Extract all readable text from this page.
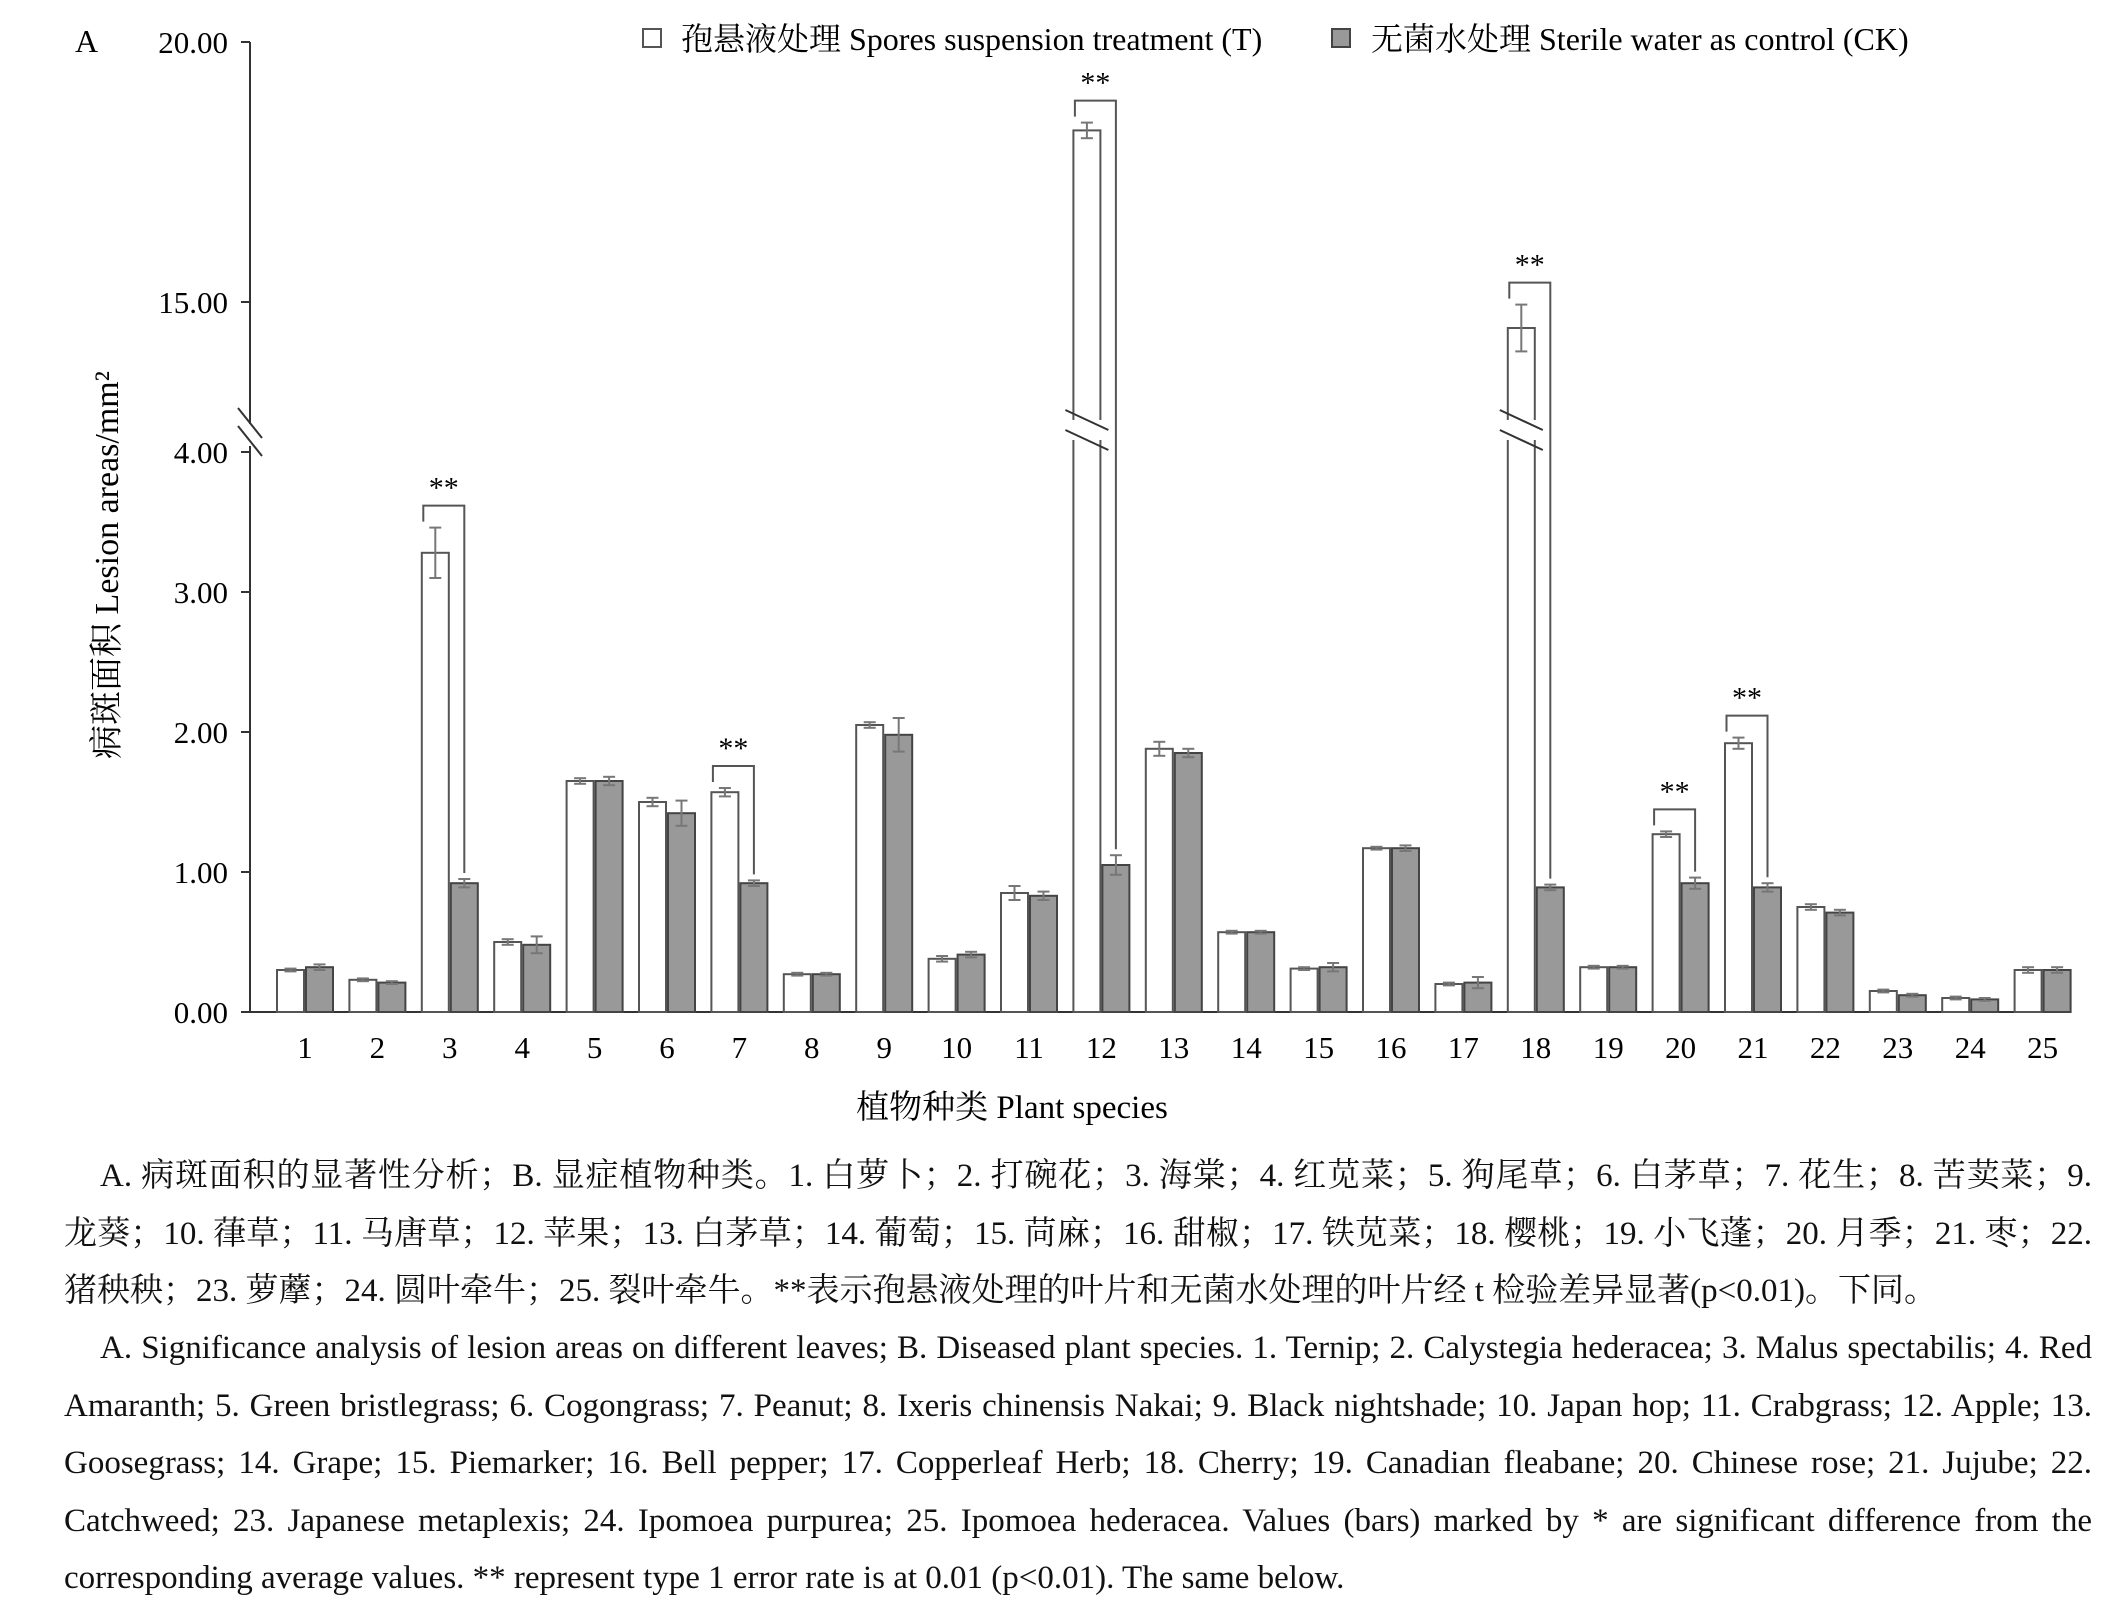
A
病斑面积 Lesion areas/mm²
植物种类 Plant species
孢悬液处理 Spores suspension treatment (T)	无菌水处理 Sterile water as control (CK)
0.00
1.00
2.00
3.00
4.00
15.00
20.00
**
**
**
**
**
**
1 2 3 4 5 6 7 8 9 10 11 12 13 14 15 16 17 18 19 20 21 22 23 24 25

A. 病斑面积的显著性分析；B. 显症植物种类。1. 白萝卜；2. 打碗花；3. 海棠；4. 红苋菜；5. 狗尾草；6. 白茅草；7. 花生；8. 苦荬菜；9. 龙葵；10. 葎草；11. 马唐草；12. 苹果；13. 白茅草；14. 葡萄；15. 苘麻；16. 甜椒；17. 铁苋菜；18. 樱桃；19. 小飞蓬；20. 月季；21. 枣；22. 猪秧秧；23. 萝藦；24. 圆叶牵牛；25. 裂叶牵牛。**表示孢悬液处理的叶片和无菌水处理的叶片经 t 检验差异显著(p<0.01)。下同。

A. Significance analysis of lesion areas on different leaves; B. Diseased plant species. 1. Ternip; 2. Calystegia hederacea; 3. Malus spectabilis; 4. Red Amaranth; 5. Green bristlegrass; 6. Cogongrass; 7. Peanut; 8. Ixeris chinensis Nakai; 9. Black nightshade; 10. Japan hop; 11. Crabgrass; 12. Apple; 13. Goosegrass; 14. Grape; 15. Piemarker; 16. Bell pepper; 17. Copperleaf Herb; 18. Cherry; 19. Canadian fleabane; 20. Chinese rose; 21. Jujube; 22. Catchweed; 23. Japanese metaplexis; 24. Ipomoea purpurea; 25. Ipomoea hederacea. Values (bars) marked by * are significant difference from the corresponding average values. ** represent type 1 error rate is at 0.01 (p<0.01). The same below.
